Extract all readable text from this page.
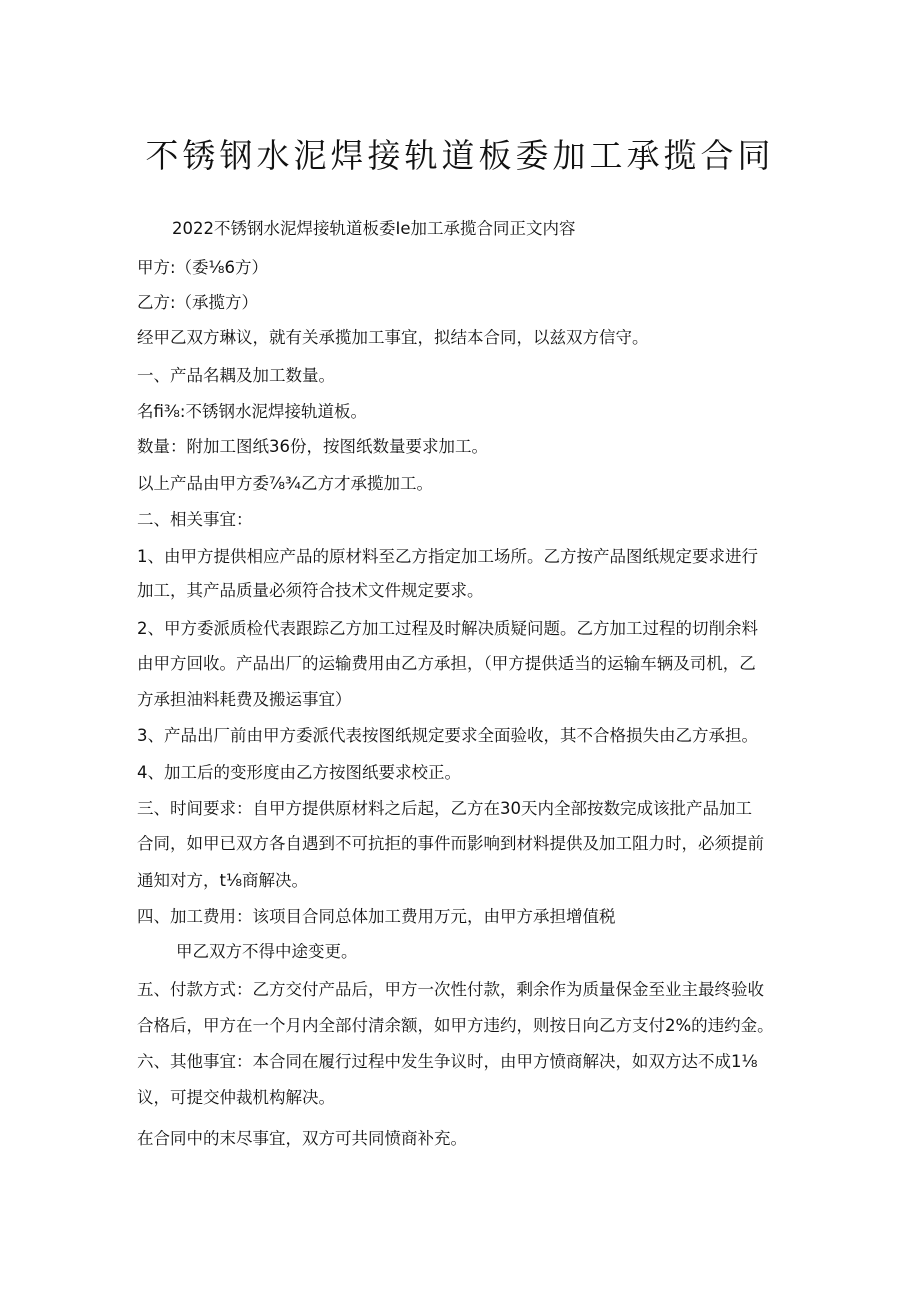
不锈钢水泥焊接轨道板委加工承揽合同
2022不锈钢水泥焊接轨道板委Ie加工承揽合同正文内容
甲方:（委⅛6方）
乙方:（承揽方）
经甲乙双方琳议，就有关承揽加工事宜，拟结本合同，以兹双方信守。
一、产品名耦及加工数量。
名fi⅜:不锈钢水泥焊接轨道板。
数量：附加工图纸36份，按图纸数量要求加工。
以上产品由甲方委⅞¾乙方才承揽加工。
二、相关事宜：
1、由甲方提供相应产品的原材料至乙方指定加工场所。乙方按产品图纸规定要求进行
加工，其产品质量必须符合技术文件规定要求。
2、甲方委派质检代表跟踪乙方加工过程及时解决质疑问题。乙方加工过程的切削余料
由甲方回收。产品出厂的运输费用由乙方承担，（甲方提供适当的运输车辆及司机，乙
方承担油料耗费及搬运事宜）
3、产品出厂前由甲方委派代表按图纸规定要求全面验收，其不合格损失由乙方承担。
4、加工后的变形度由乙方按图纸要求校正。
三、时间要求：自甲方提供原材料之后起，乙方在30天内全部按数完成该批产品加工
合同，如甲已双方各自遇到不可抗拒的事件而影响到材料提供及加工阻力时，必须提前
通知对方，t⅛商解决。
四、加工费用：该项目合同总体加工费用万元，由甲方承担增值税
甲乙双方不得中途变更。
五、付款方式：乙方交付产品后，甲方一次性付款，剩余作为质量保金至业主最终验收
合格后，甲方在一个月内全部付清余额，如甲方违约，则按日向乙方支付2%的违约金。
六、其他事宜：本合同在履行过程中发生争议时，由甲方愤商解决，如双方达不成1⅛
议，可提交仲裁机构解决。
在合同中的末尽事宜，双方可共同愤商补充。
